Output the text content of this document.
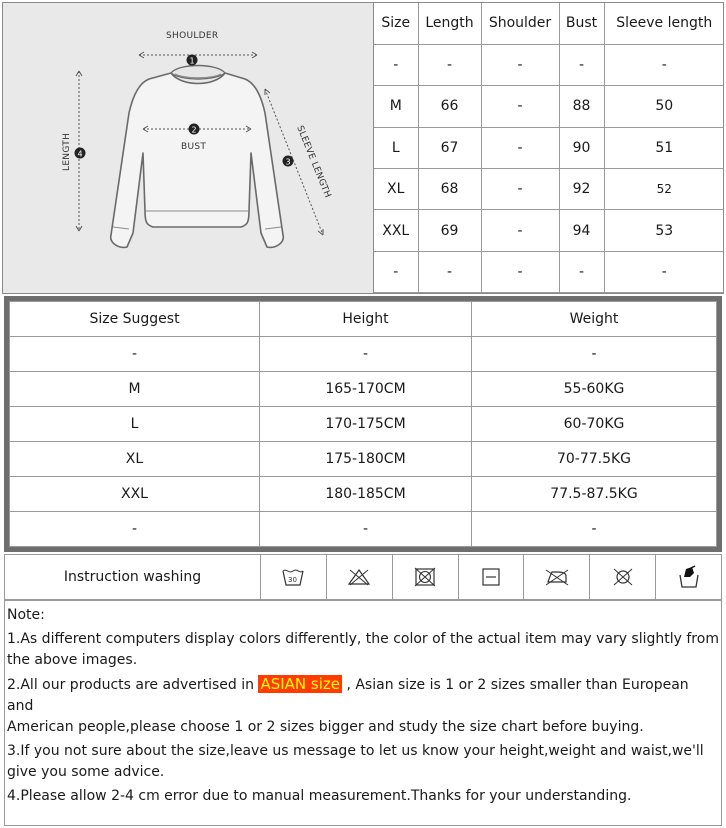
SHOULDER
1
2
BUST
4
LENGTH	3 SLEEVE LENGTH
Size	Length	Shoulder	Bust	Sleeve length
-	-	-	-	-
M	66	-	88	50
L	67	-	90	51
XL	68	-	92	52
XXL	69	-	94	53
-	-	-	-	-
Size Suggest	Height	Weight
-	-	-
M	165-170CM	55-60KG
L	170-175CM	60-70KG
XL	175-180CM	70-77.5KG
XXL	180-185CM	77.5-87.5KG
-	-	-
Instruction washing	30

Note:

1.As different computers display colors differently, the color of the actual item may vary slightly from the above images.

2.All our products are advertised in ASIAN size , Asian size is 1 or 2 sizes smaller than European and

American people,please choose 1 or 2 sizes bigger and study the size chart before buying.

3.If you not sure about the size,leave us message to let us know your height,weight and waist,we'll give you some advice.

4.Please allow 2-4 cm error due to manual measurement.Thanks for your understanding.
